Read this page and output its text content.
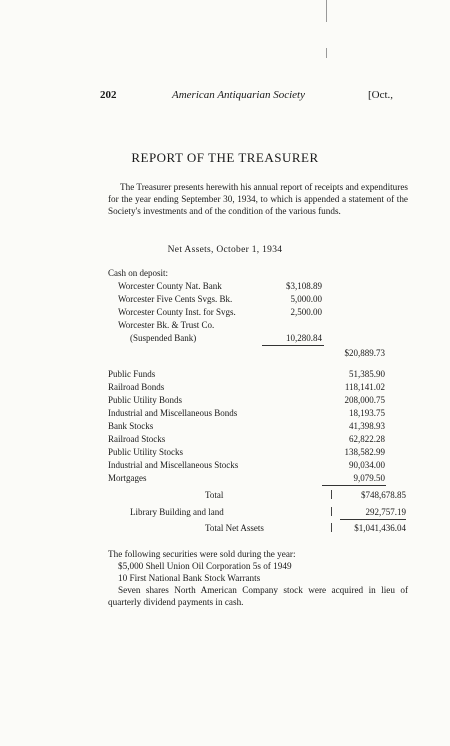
202	American Antiquarian Society	[Oct.,
REPORT OF THE TREASURER
The Treasurer presents herewith his annual report of receipts and expenditures for the year ending September 30, 1934, to which is appended a statement of the Society's investments and of the condition of the various funds.
Net Assets, October 1, 1934
Cash on deposit:
Worcester County Nat. Bank	$3,108.89
Worcester Five Cents Svgs. Bk.	5,000.00
Worcester County Inst. for Svgs.	2,500.00
Worcester Bk. & Trust Co.
(Suspended Bank)	10,280.84
$20,889.73
Public Funds	51,385.90
Railroad Bonds	118,141.02
Public Utility Bonds	208,000.75
Industrial and Miscellaneous Bonds	18,193.75
Bank Stocks	41,398.93
Railroad Stocks	62,822.28
Public Utility Stocks	138,582.99
Industrial and Miscellaneous Stocks	90,034.00
Mortgages	9,079.50
Total	$748,678.85
Library Building and land	292,757.19
Total Net Assets	$1,041,436.04
The following securities were sold during the year:
$5,000 Shell Union Oil Corporation 5s of 1949
10 First National Bank Stock Warrants
Seven shares North American Company stock were acquired in lieu of quarterly dividend payments in cash.
